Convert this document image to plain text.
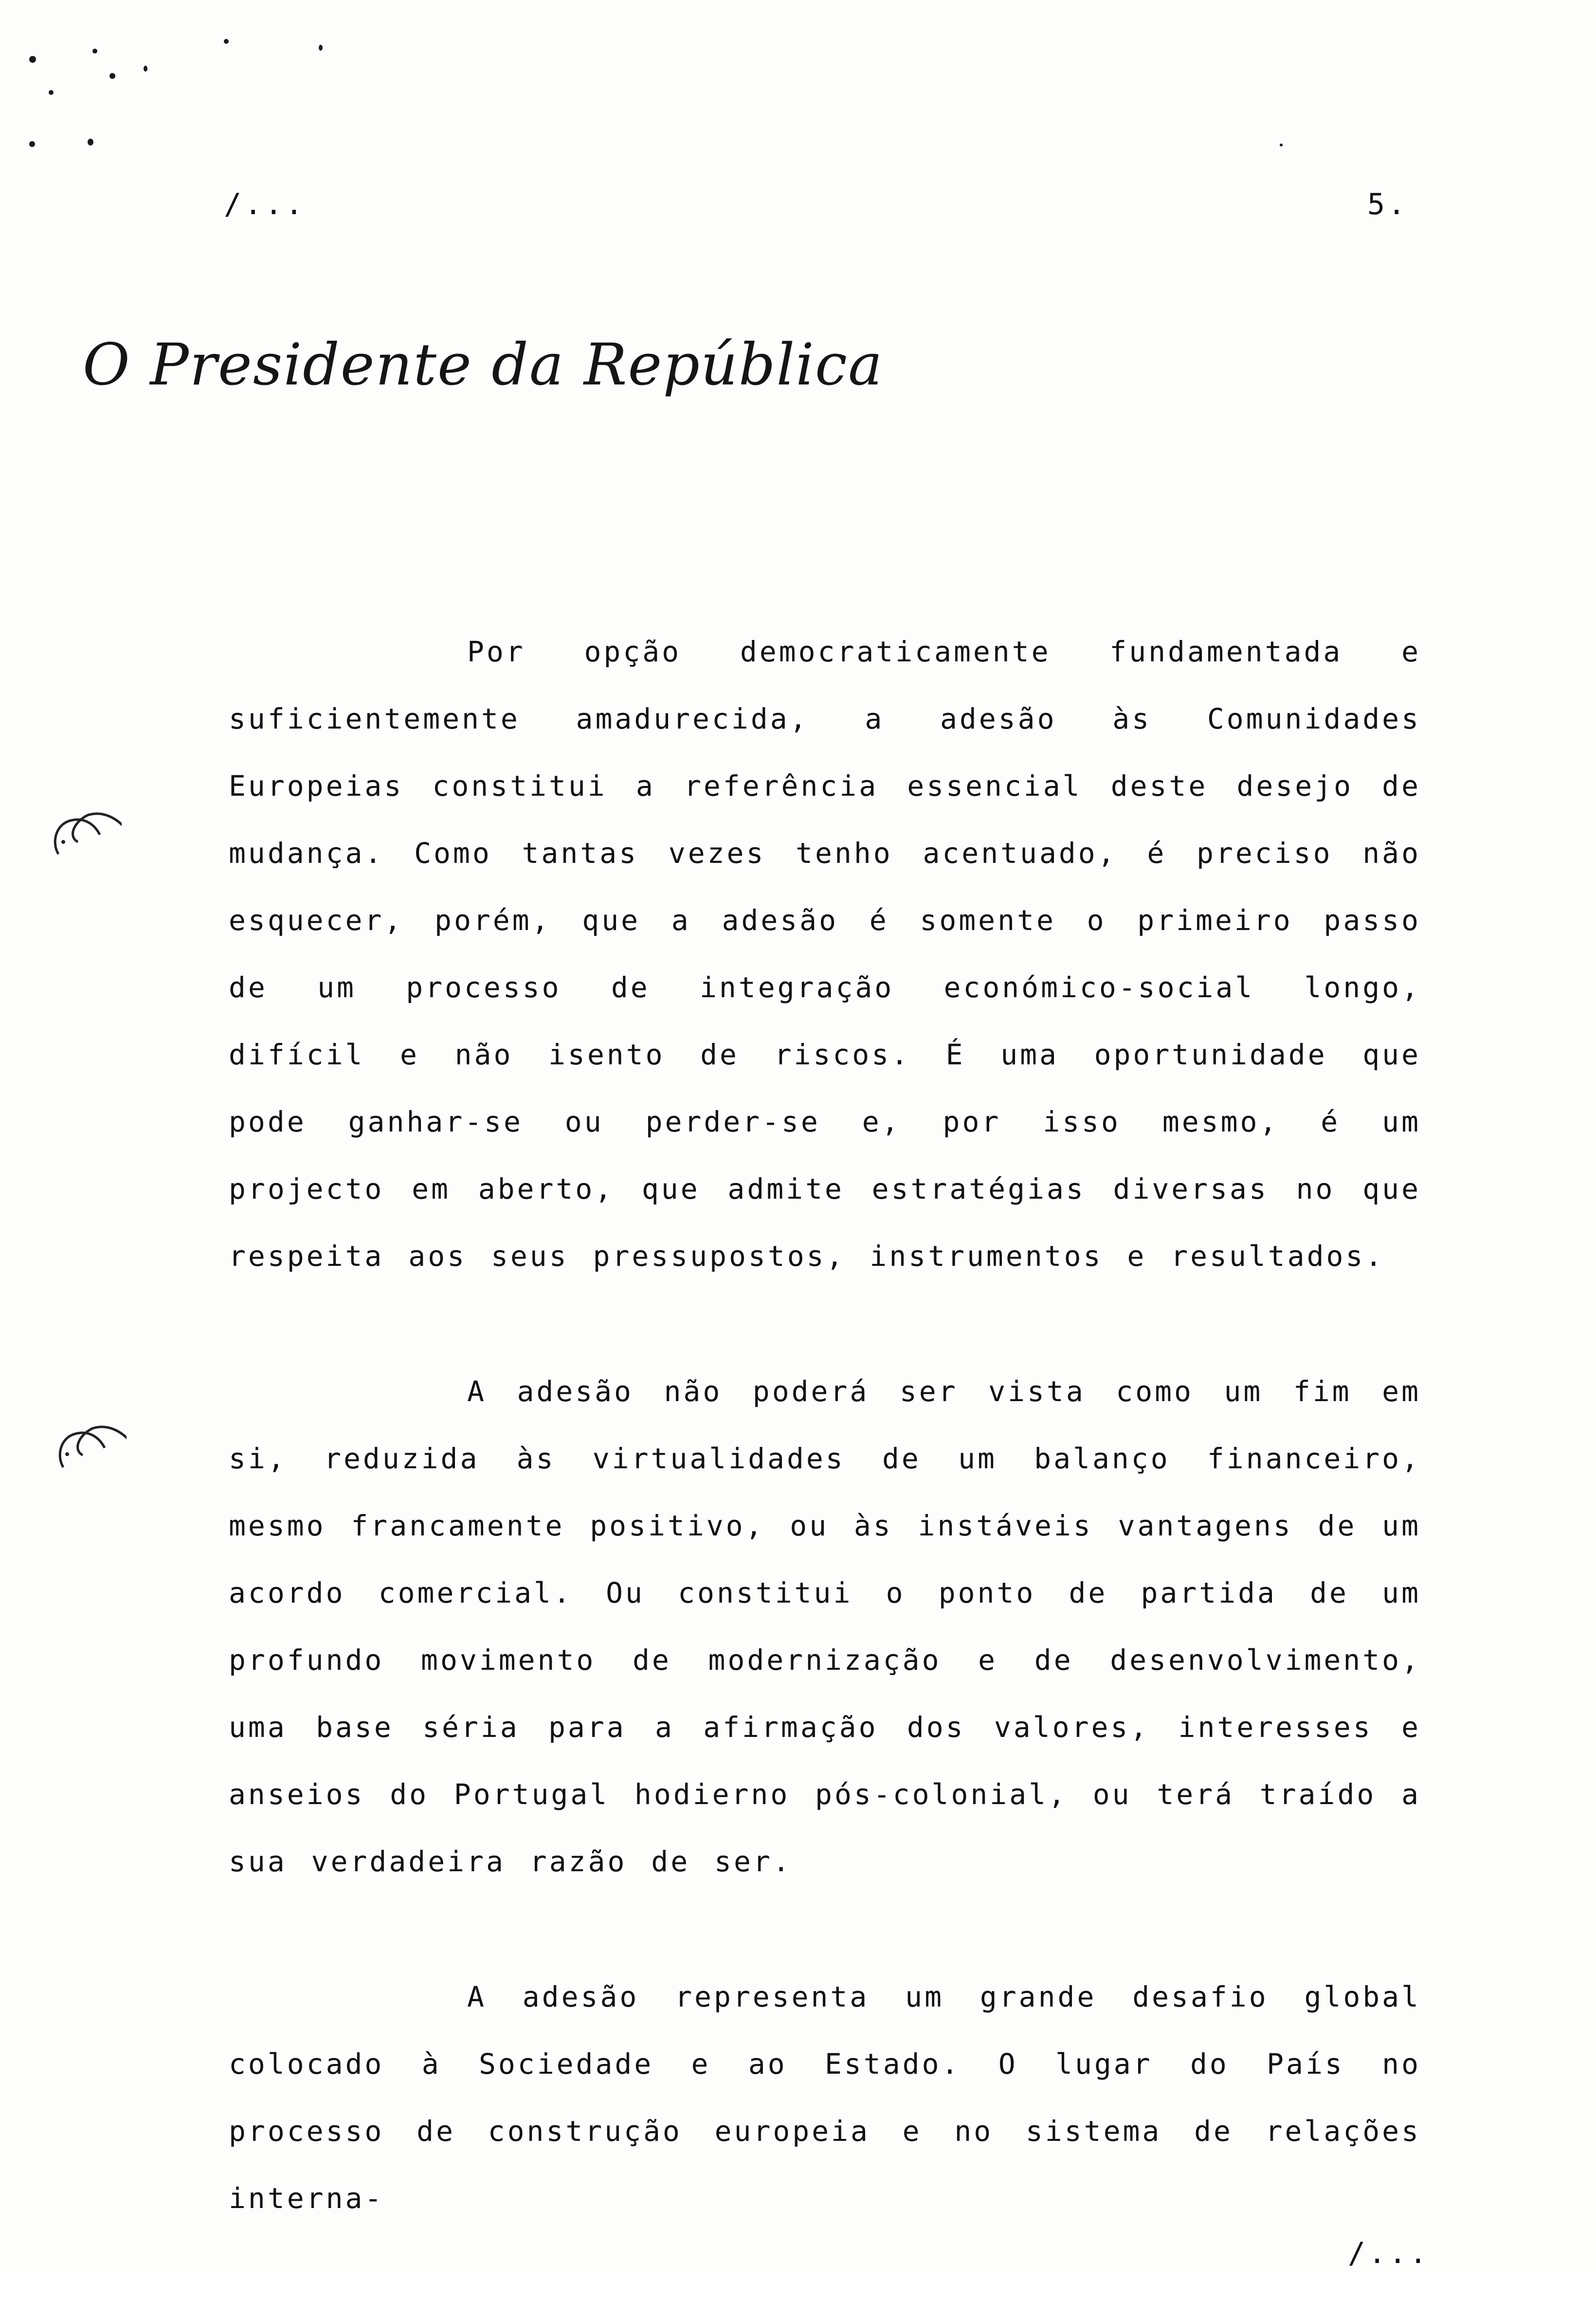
/...	5.
O Presidente da República

Por opção democraticamente fundamentada e suficientemente amadurecida, a adesão às Comunidades Europeias constitui a referência essencial deste desejo de mudança. Como tantas vezes tenho acentuado, é preciso não esquecer, porém, que a adesão é somente o primeiro passo de um processo de integração económico-social longo, difícil e não isento de riscos. É uma oportunidade que pode ganhar-se ou perder-se e, por isso mesmo, é um projecto em aberto, que admite estratégias diversas no que respeita aos seus pressupostos, instrumentos e resultados.

A adesão não poderá ser vista como um fim em si, reduzida às virtualidades de um balanço financeiro, mesmo francamente positivo, ou às instáveis vantagens de um acordo comercial. Ou constitui o ponto de partida de um profundo movimento de modernização e de desenvolvimento, uma base séria para a afirmação dos valores, interesses e anseios do Portugal hodierno pós-colonial, ou terá traído a sua verdadeira razão de ser.

A adesão representa um grande desafio global colocado à Sociedade e ao Estado. O lugar do País no processo de construção europeia e no sistema de relações interna-

/...
